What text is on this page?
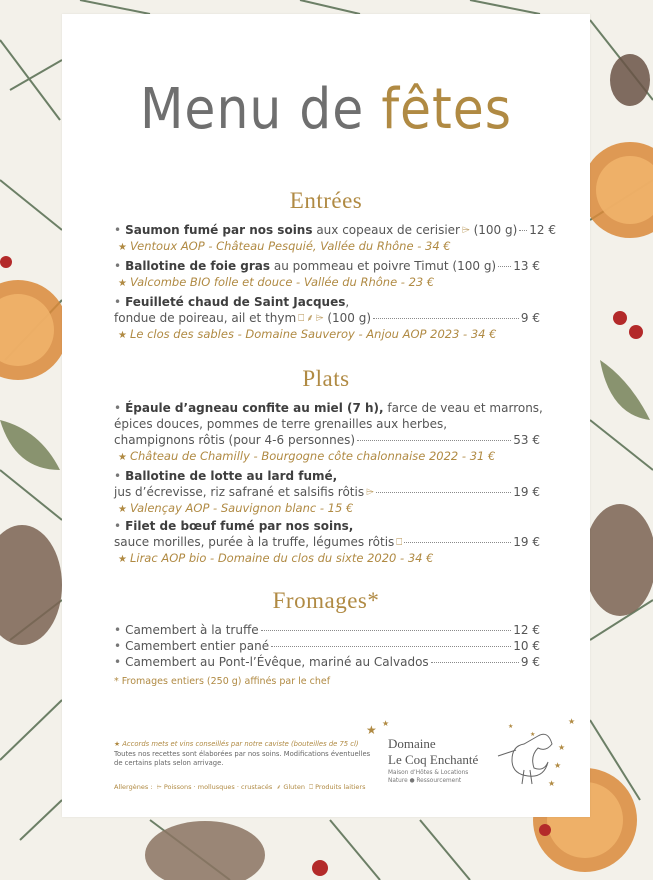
Menu de fêtes
Entrées
• Saumon fumé par nos soins aux copeaux de cerisier ⌲ (100 g) 12 €
★ Ventoux AOP - Château Pesquié, Vallée du Rhône - 34 €
• Ballotine de foie gras au pommeau et poivre Timut (100 g) 13 €
★ Valcombe BIO folle et douce - Vallée du Rhône - 23 €
• Feuilleté chaud de Saint Jacques,
fondue de poireau, ail et thym ⎕ ⸙ ⌲ (100 g)	9 €
★ Le clos des sables - Domaine Sauveroy - Anjou AOP 2023 - 34 €
Plats
• Épaule d’agneau confite au miel (7 h), farce de veau et marrons,
épices douces, pommes de terre grenailles aux herbes,
champignons rôtis (pour 4-6 personnes)	53 €
★ Château de Chamilly - Bourgogne côte chalonnaise 2022 - 31 €
• Ballotine de lotte au lard fumé,
jus d’écrevisse, riz safrané et salsifis rôtis ⌲	19 €
★ Valençay AOP - Sauvignon blanc - 15 €
• Filet de bœuf fumé par nos soins,
sauce morilles, purée à la truffe, légumes rôtis ⎕	19 €
★ Lirac AOP bio - Domaine du clos du sixte 2020 - 34 €
Fromages*
• Camembert à la truffe	12 €
• Camembert entier pané	10 €
• Camembert au Pont-l’Évêque, mariné au Calvados	9 €
* Fromages entiers (250 g) affinés par le chef
★ Accords mets et vins conseillés par notre caviste (bouteilles de 75 cl)
Toutes nos recettes sont élaborées par nos soins. Modifications éventuelles de certains plats selon arrivage.
Allergènes : ⌲ Poissons · mollusques · crustacés ⸙ Gluten ⎕ Produits laitiers
★ ★	★
★
★
★
★
★
Domaine
Le Coq Enchanté
Maison d’Hôtes & Locations
Nature ● Ressourcement
